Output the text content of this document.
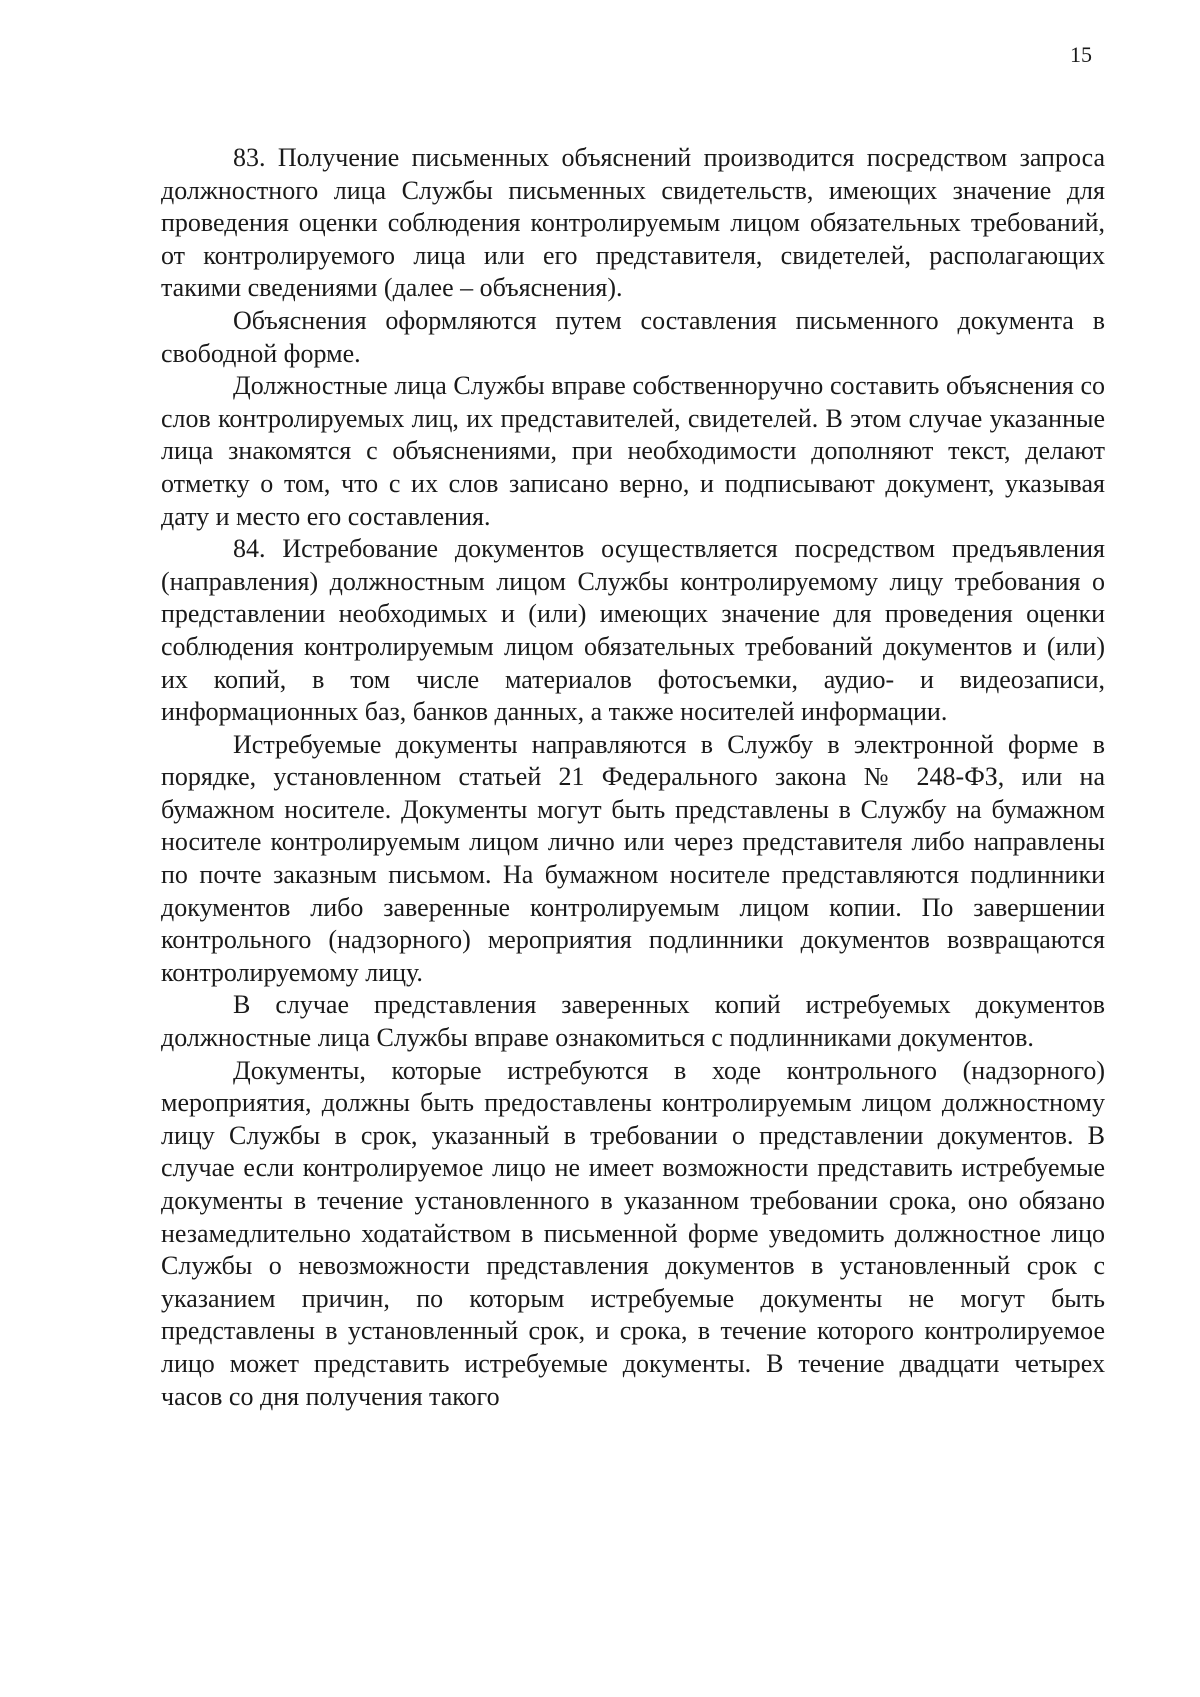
15

83. Получение письменных объяснений производится посредством запроса должностного лица Службы письменных свидетельств, имеющих значение для проведения оценки соблюдения контролируемым лицом обязательных требований, от контролируемого лица или его представителя, свидетелей, располагающих такими сведениями (далее – объяснения).

Объяснения оформляются путем составления письменного документа в свободной форме.

Должностные лица Службы вправе собственноручно составить объяснения со слов контролируемых лиц, их представителей, свидетелей. В этом случае указанные лица знакомятся с объяснениями, при необходимости дополняют текст, делают отметку о том, что с их слов записано верно, и подписывают документ, указывая дату и место его составления.

84. Истребование документов осуществляется посредством предъявления (направления) должностным лицом Службы контролируемому лицу требования о представлении необходимых и (или) имеющих значение для проведения оценки соблюдения контролируемым лицом обязательных требований документов и (или) их копий, в том числе материалов фотосъемки, аудио- и видеозаписи, информационных баз, банков данных, а также носителей информации.

Истребуемые документы направляются в Службу в электронной форме в порядке, установленном статьей 21 Федерального закона № 248-ФЗ, или на бумажном носителе. Документы могут быть представлены в Службу на бумажном носителе контролируемым лицом лично или через представителя либо направлены по почте заказным письмом. На бумажном носителе представляются подлинники документов либо заверенные контролируемым лицом копии. По завершении контрольного (надзорного) мероприятия подлинники документов возвращаются контролируемому лицу.

В случае представления заверенных копий истребуемых документов должностные лица Службы вправе ознакомиться с подлинниками документов.

Документы, которые истребуются в ходе контрольного (надзорного) мероприятия, должны быть предоставлены контролируемым лицом должностному лицу Службы в срок, указанный в требовании о представлении документов. В случае если контролируемое лицо не имеет возможности представить истребуемые документы в течение установленного в указанном требовании срока, оно обязано незамедлительно ходатайством в письменной форме уведомить должностное лицо Службы о невозможности представления документов в установленный срок с указанием причин, по которым истребуемые документы не могут быть представлены в установленный срок, и срока, в течение которого контролируемое лицо может представить истребуемые документы. В течение двадцати четырех часов со дня получения такого
